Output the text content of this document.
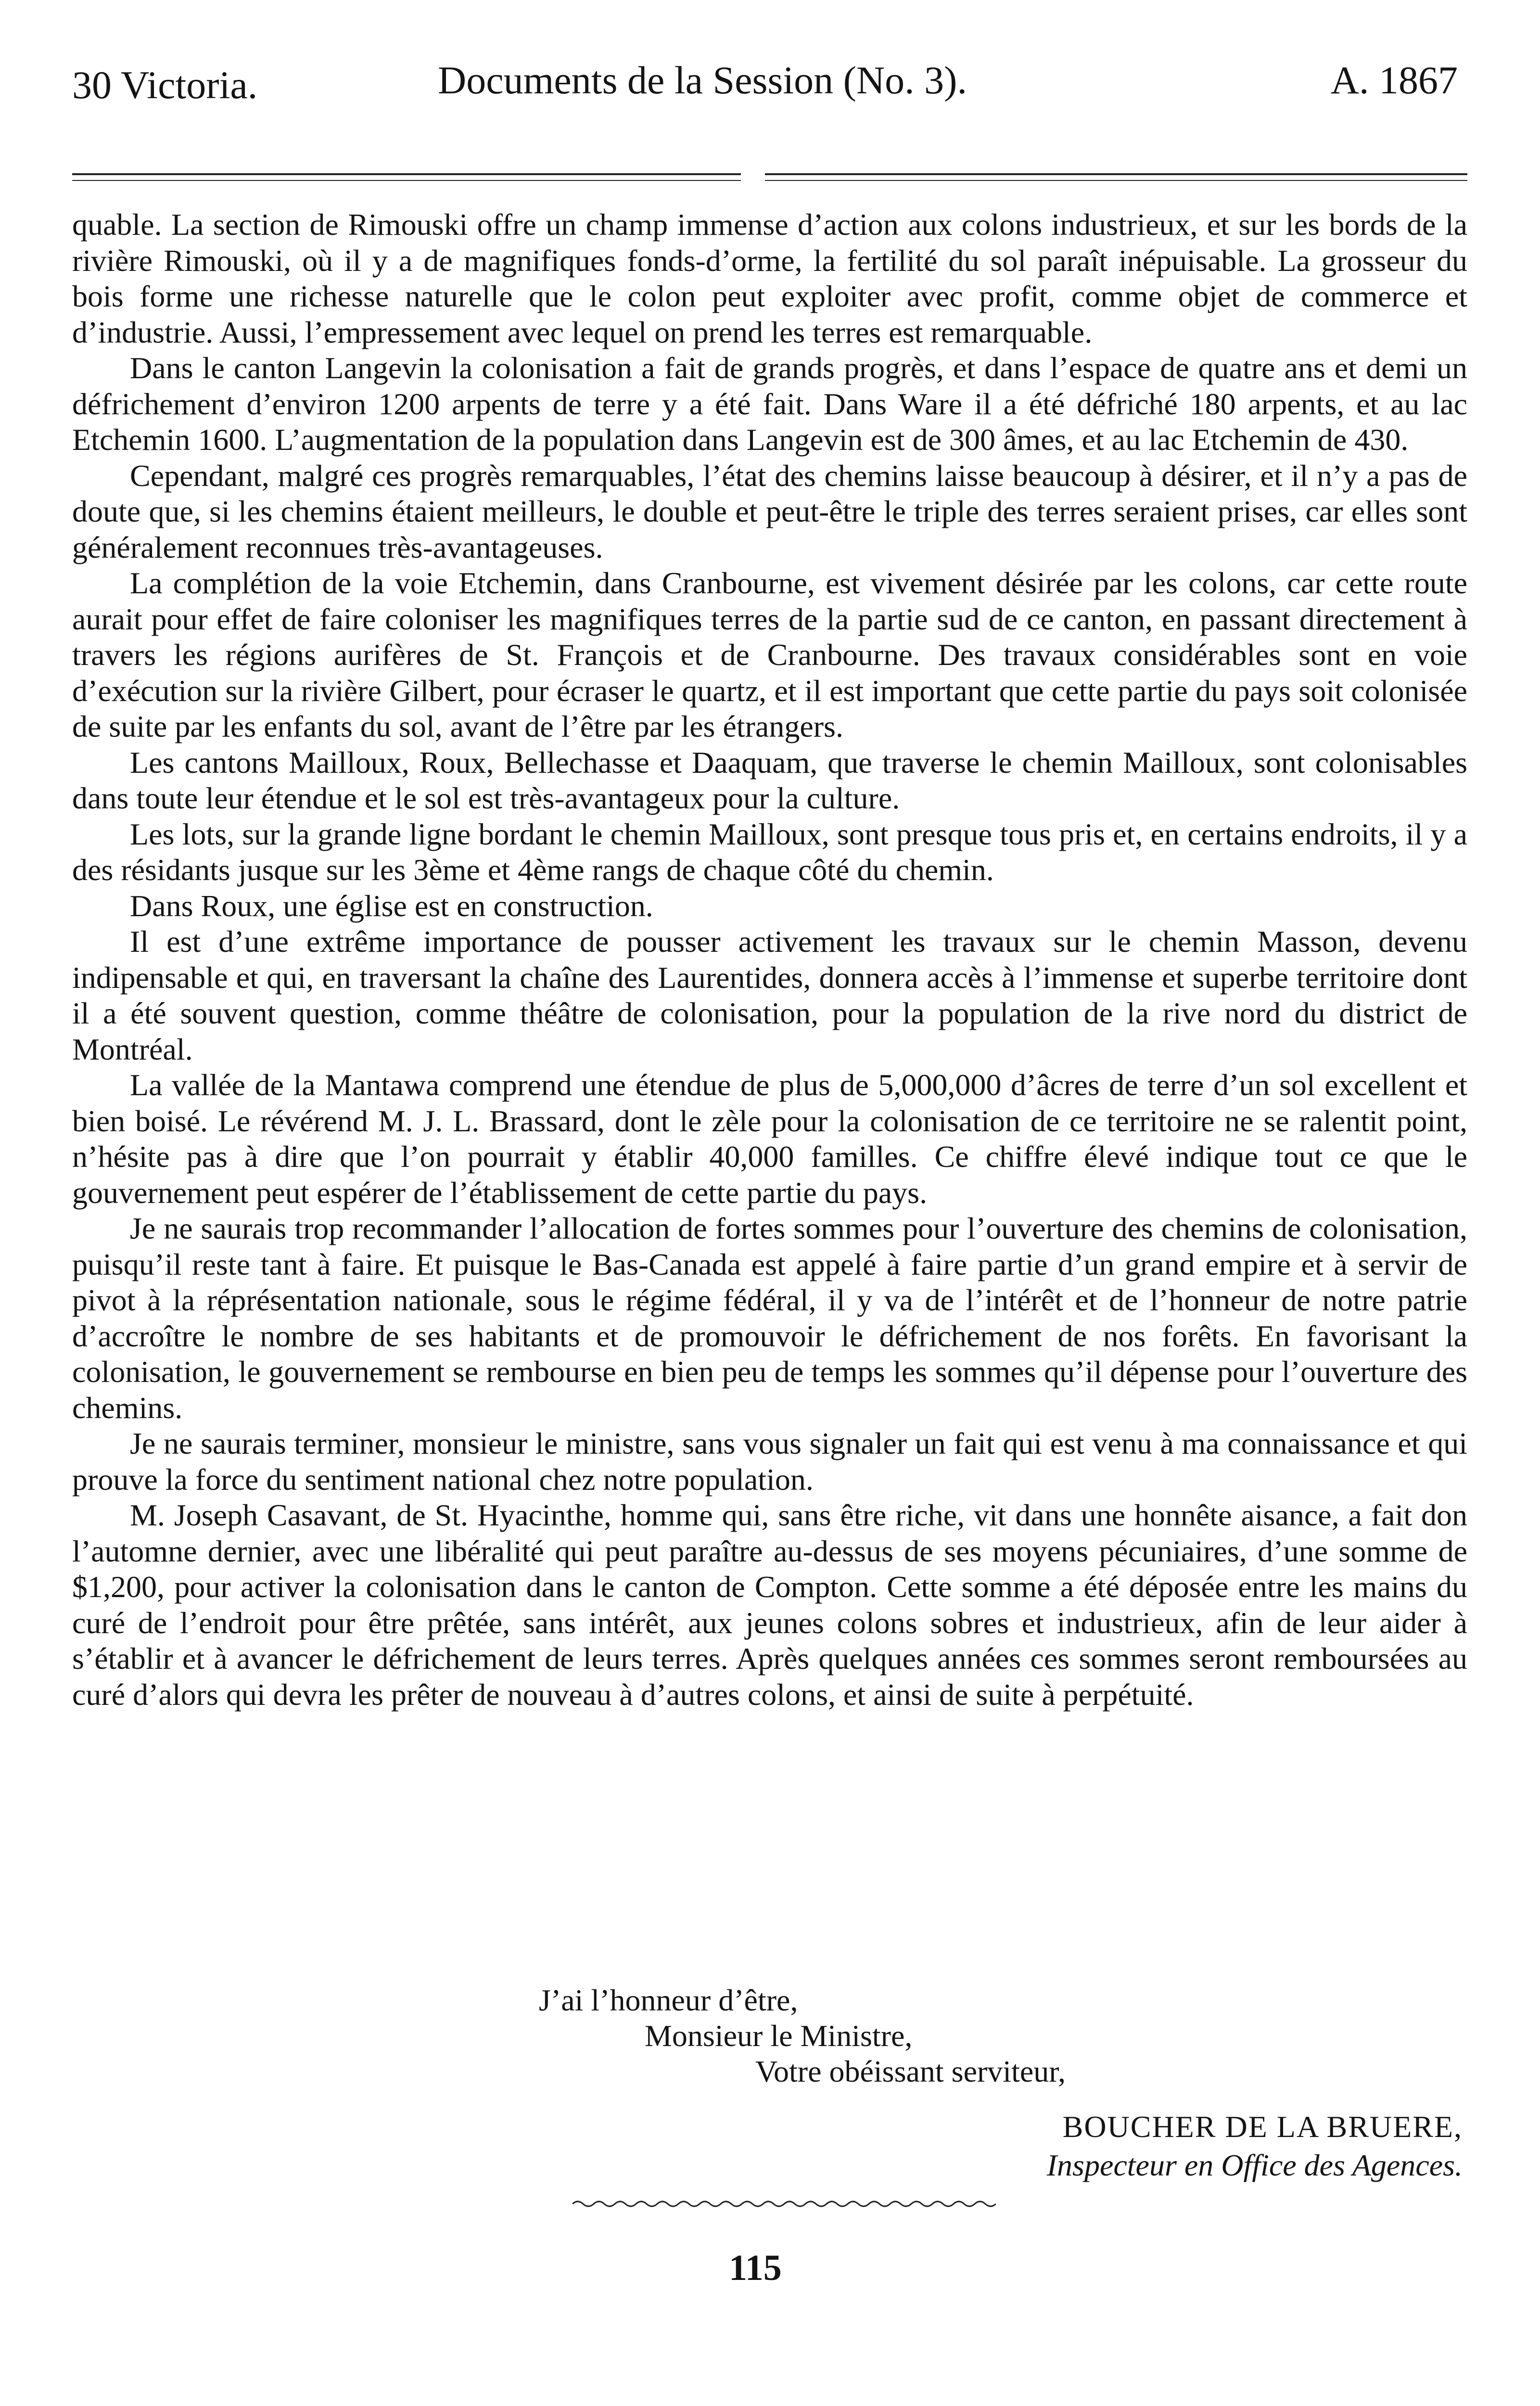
30 Victoria.	Documents de la Session (No. 3).	A. 1867

quable. La section de Rimouski offre un champ immense d’action aux colons industrieux, et sur les bords de la rivière Rimouski, où il y a de magnifiques fonds-d’orme, la fertilité du sol paraît inépuisable. La grosseur du bois forme une richesse naturelle que le colon peut exploiter avec profit, comme objet de commerce et d’industrie. Aussi, l’empressement avec lequel on prend les terres est remarquable.

Dans le canton Langevin la colonisation a fait de grands progrès, et dans l’espace de quatre ans et demi un défrichement d’environ 1200 arpents de terre y a été fait. Dans Ware il a été défriché 180 arpents, et au lac Etchemin 1600. L’augmentation de la population dans Langevin est de 300 âmes, et au lac Etchemin de 430.

Cependant, malgré ces progrès remarquables, l’état des chemins laisse beaucoup à désirer, et il n’y a pas de doute que, si les chemins étaient meilleurs, le double et peut-être le triple des terres seraient prises, car elles sont généralement reconnues très-avantageuses.

La complétion de la voie Etchemin, dans Cranbourne, est vivement désirée par les colons, car cette route aurait pour effet de faire coloniser les magnifiques terres de la partie sud de ce canton, en passant directement à travers les régions aurifères de St. François et de Cranbourne. Des travaux considérables sont en voie d’exécution sur la rivière Gilbert, pour écraser le quartz, et il est important que cette partie du pays soit colonisée de suite par les enfants du sol, avant de l’être par les étrangers.

Les cantons Mailloux, Roux, Bellechasse et Daaquam, que traverse le chemin Mailloux, sont colonisables dans toute leur étendue et le sol est très-avantageux pour la culture.

Les lots, sur la grande ligne bordant le chemin Mailloux, sont presque tous pris et, en certains endroits, il y a des résidants jusque sur les 3ème et 4ème rangs de chaque côté du chemin.

Dans Roux, une église est en construction.

Il est d’une extrême importance de pousser activement les travaux sur le chemin Masson, devenu indipensable et qui, en traversant la chaîne des Laurentides, donnera accès à l’immense et superbe territoire dont il a été souvent question, comme théâtre de colonisation, pour la population de la rive nord du district de Montréal.

La vallée de la Mantawa comprend une étendue de plus de 5,000,000 d’âcres de terre d’un sol excellent et bien boisé. Le révérend M. J. L. Brassard, dont le zèle pour la colonisation de ce territoire ne se ralentit point, n’hésite pas à dire que l’on pourrait y établir 40,000 familles. Ce chiffre élevé indique tout ce que le gouvernement peut espérer de l’établissement de cette partie du pays.

Je ne saurais trop recommander l’allocation de fortes sommes pour l’ouverture des chemins de colonisation, puisqu’il reste tant à faire. Et puisque le Bas-Canada est appelé à faire partie d’un grand empire et à servir de pivot à la réprésentation nationale, sous le régime fédéral, il y va de l’intérêt et de l’honneur de notre patrie d’accroître le nombre de ses habitants et de promouvoir le défrichement de nos forêts. En favorisant la colonisation, le gouvernement se rembourse en bien peu de temps les sommes qu’il dépense pour l’ouverture des chemins.

Je ne saurais terminer, monsieur le ministre, sans vous signaler un fait qui est venu à ma connaissance et qui prouve la force du sentiment national chez notre population.

M. Joseph Casavant, de St. Hyacinthe, homme qui, sans être riche, vit dans une honnête aisance, a fait don l’automne dernier, avec une libéralité qui peut paraître au-dessus de ses moyens pécuniaires, d’une somme de $1,200, pour activer la colonisation dans le canton de Compton. Cette somme a été déposée entre les mains du curé de l’endroit pour être prêtée, sans intérêt, aux jeunes colons sobres et industrieux, afin de leur aider à s’établir et à avancer le défrichement de leurs terres. Après quelques années ces sommes seront remboursées au curé d’alors qui devra les prêter de nouveau à d’autres colons, et ainsi de suite à perpétuité.

J’ai l’honneur d’être,
Monsieur le Ministre,
Votre obéissant serviteur,
BOUCHER DE LA BRUERE,
Inspecteur en Office des Agences.
115
